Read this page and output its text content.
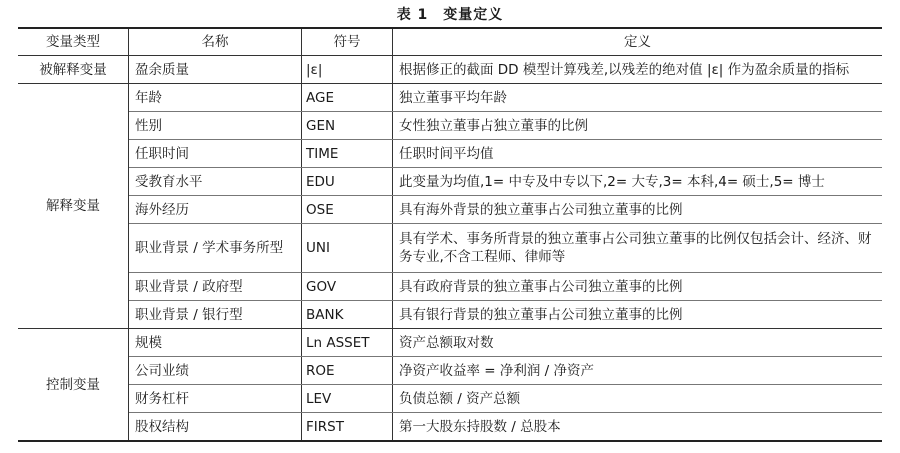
表 1　变量定义
变量类型	名称	符号	定义
被解释变量	盈余质量	|ε|	根据修正的截面 DD 模型计算残差,以残差的绝对值 |ε| 作为盈余质量的指标
解释变量	年龄	AGE	独立董事平均年龄
	性别	GEN	女性独立董事占独立董事的比例
	任职时间	TIME	任职时间平均值
	受教育水平	EDU	此变量为均值,1= 中专及中专以下,2= 大专,3= 本科,4= 硕士,5= 博士
	海外经历	OSE	具有海外背景的独立董事占公司独立董事的比例
	职业背景 / 学术事务所型	UNI	具有学术、事务所背景的独立董事占公司独立董事的比例仅包括会计、经济、财务专业,不含工程师、律师等
	职业背景 / 政府型	GOV	具有政府背景的独立董事占公司独立董事的比例
	职业背景 / 银行型	BANK	具有银行背景的独立董事占公司独立董事的比例
控制变量	规模	Ln ASSET	资产总额取对数
	公司业绩	ROE	净资产收益率 = 净利润 / 净资产
	财务杠杆	LEV	负债总额 / 资产总额
	股权结构	FIRST	第一大股东持股数 / 总股本
